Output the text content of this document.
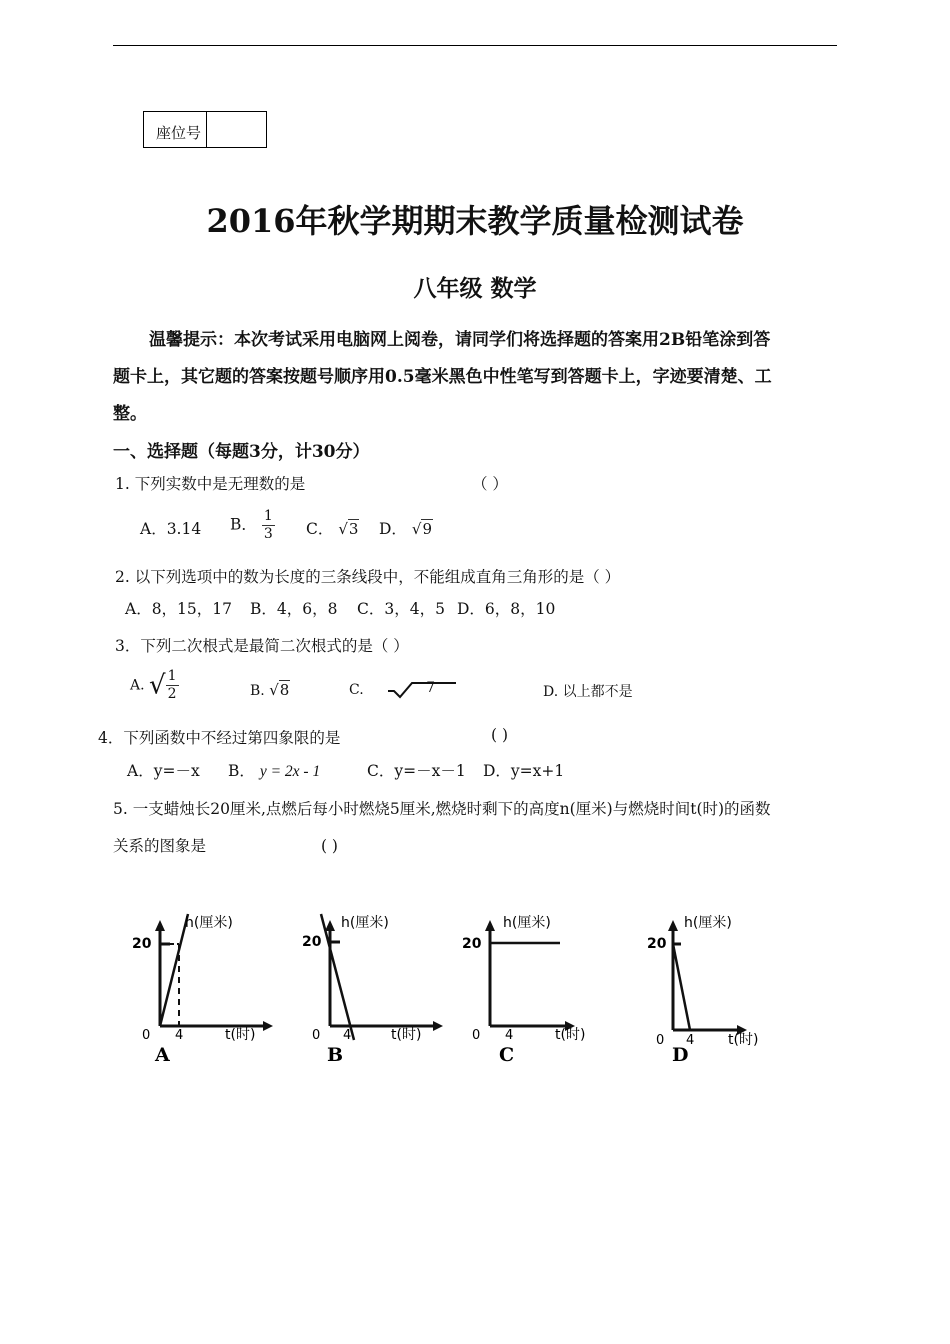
座位号
2016年秋学期期末教学质量检测试卷
八年级 数学
温馨提示：本次考试采用电脑网上阅卷，请同学们将选择题的答案用2B铅笔涂到答
题卡上，其它题的答案按题号顺序用0.5毫米黑色中性笔写到答题卡上，字迹要清楚、工
整。
一、选择题（每题3分，计30分）
1. 下列实数中是无理数的是	（ ）
A．3.14 B． $\frac{1}{3}$ C． √3 D． √9
2. 以下列选项中的数为长度的三条线段中，不能组成直角三角形的是（ ）
A．8，15，17 B．4，6，8 C．3，4，5 D．6，8，10
3．下列二次根式是最简二次根式的是（ ）
A. √ $\frac{1}{2}$	B. √8	C.	7	D. 以上都不是
4．下列函数中不经过第四象限的是	( )
A．y=－x B． y = 2x - 1	C．y=－x－1 D．y=x+1
5. 一支蜡烛长20厘米,点燃后每小时燃烧5厘米,燃烧时剩下的高度n(厘米)与燃烧时间t(时)的函数
关系的图象是	( )
h(厘米)
20
0 4	t(时)
A
h(厘米)
20
0 4	t(时)
B
h(厘米)
20
0 4	t(时)
C
h(厘米)
20
0 4 t(时)
D
